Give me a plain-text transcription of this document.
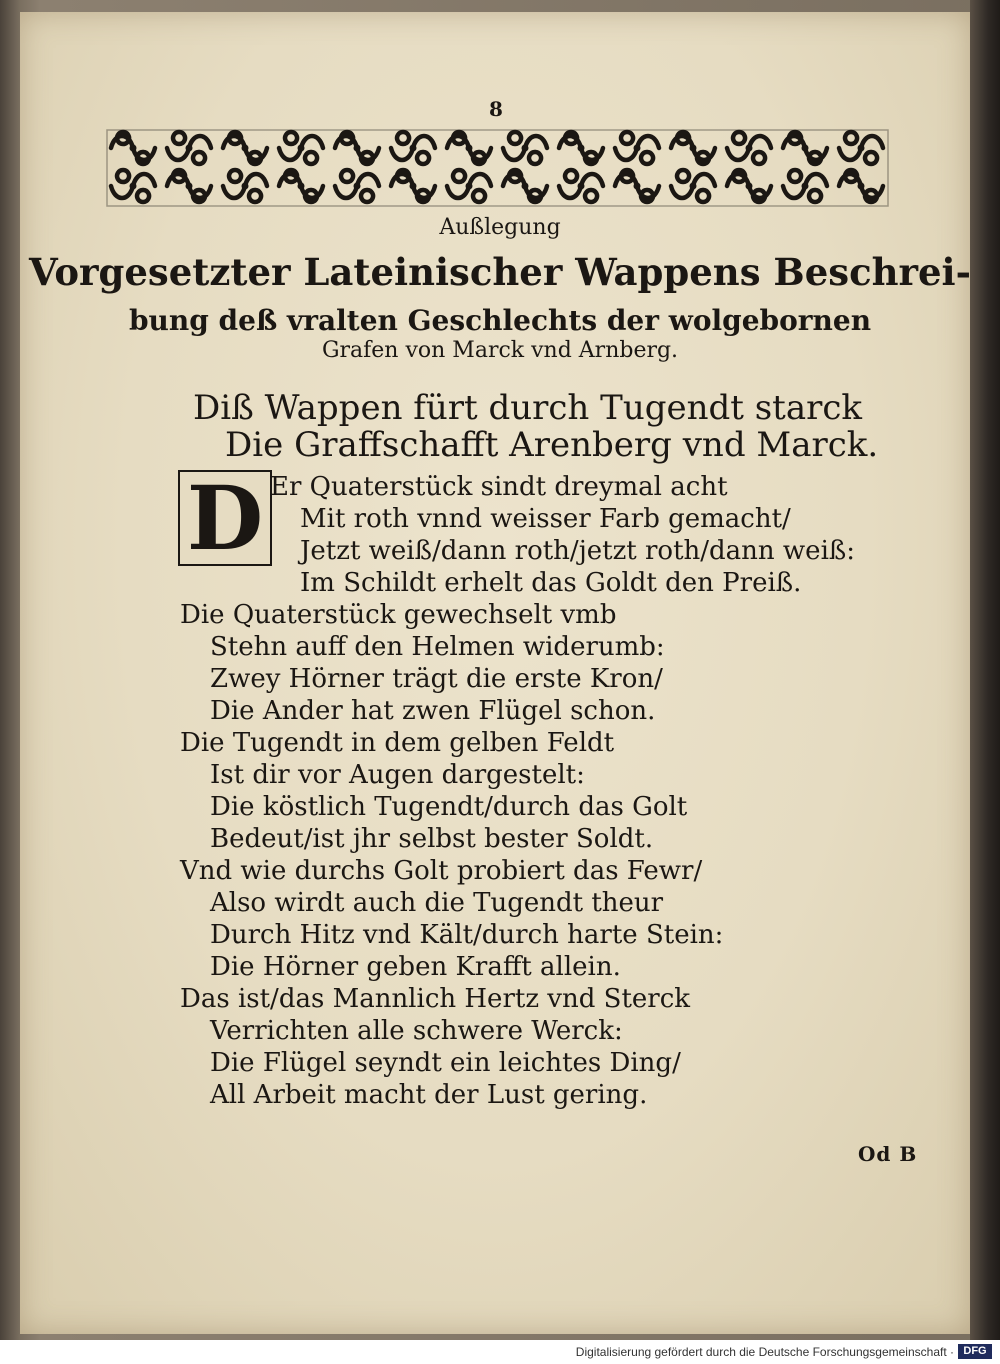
8
Außlegung
Vorgesetzter Lateinischer Wappens Beschrei-
bung deß vralten Geschlechts der wolgebornen
Grafen von Marck vnd Arnberg.
Diß Wappen fürt durch Tugendt starck
Die Graffschafft Arenberg vnd Marck.
D Er Quaterstück sindt dreymal acht
Mit roth vnnd weisser Farb gemacht/
Jetzt weiß/dann roth/jetzt roth/dann weiß:
Im Schildt erhelt das Goldt den Preiß.
Die Quaterstück gewechselt vmb
Stehn auff den Helmen widerumb:
Zwey Hörner trägt die erste Kron/
Die Ander hat zwen Flügel schon.
Die Tugendt in dem gelben Feldt
Ist dir vor Augen dargestelt:
Die köstlich Tugendt/durch das Golt
Bedeut/ist jhr selbst bester Soldt.
Vnd wie durchs Golt probiert das Fewr/
Also wirdt auch die Tugendt theur
Durch Hitz vnd Kält/durch harte Stein:
Die Hörner geben Krafft allein.
Das ist/das Mannlich Hertz vnd Sterck
Verrichten alle schwere Werck:
Die Flügel seyndt ein leichtes Ding/
All Arbeit macht der Lust gering.
Od B
Digitalisierung gefördert durch die Deutsche Forschungsgemeinschaft · DFG
